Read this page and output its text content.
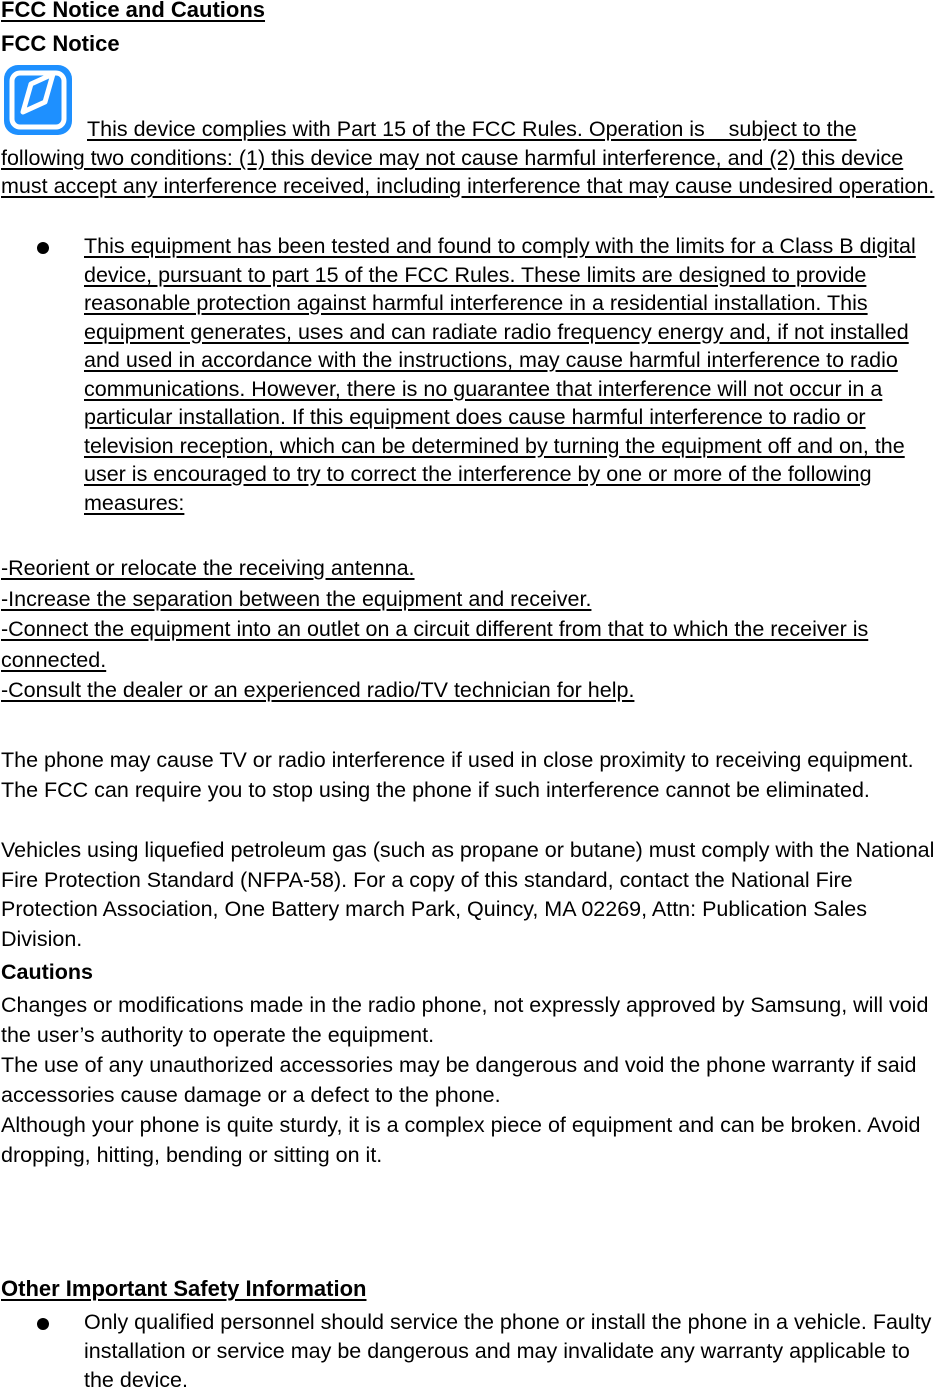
FCC Notice and Cautions
FCC Notice

This device complies with Part 15 of the FCC Rules. Operation is    subject to the following two conditions: (1) this device may not cause harmful interference, and (2) this device must accept any interference received, including interference that may cause undesired operation.

This equipment has been tested and found to comply with the limits for a Class B digital device, pursuant to part 15 of the FCC Rules. These limits are designed to provide reasonable protection against harmful interference in a residential installation. This equipment generates, uses and can radiate radio frequency energy and, if not installed and used in accordance with the instructions, may cause harmful interference to radio communications. However, there is no guarantee that interference will not occur in a particular installation. If this equipment does cause harmful interference to radio or television reception, which can be determined by turning the equipment off and on, the user is encouraged to try to correct the interference by one or more of the following measures:
-Reorient or relocate the receiving antenna.
-Increase the separation between the equipment and receiver.
-Connect the equipment into an outlet on a circuit different from that to which the receiver is connected.
-Consult the dealer or an experienced radio/TV technician for help.

The phone may cause TV or radio interference if used in close proximity to receiving equipment. The FCC can require you to stop using the phone if such interference cannot be eliminated.

Vehicles using liquefied petroleum gas (such as propane or butane) must comply with the National Fire Protection Standard (NFPA-58). For a copy of this standard, contact the National Fire Protection Association, One Battery march Park, Quincy, MA 02269, Attn: Publication Sales Division.

Cautions

Changes or modifications made in the radio phone, not expressly approved by Samsung, will void the user’s authority to operate the equipment.

The use of any unauthorized accessories may be dangerous and void the phone warranty if said accessories cause damage or a defect to the phone.

Although your phone is quite sturdy, it is a complex piece of equipment and can be broken. Avoid dropping, hitting, bending or sitting on it.

Other Important Safety Information
Only qualified personnel should service the phone or install the phone in a vehicle. Faulty installation or service may be dangerous and may invalidate any warranty applicable to the device.
